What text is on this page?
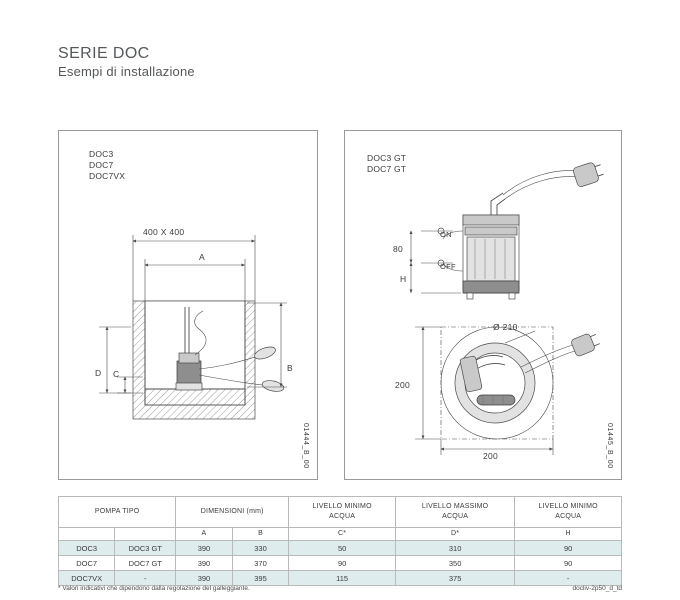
SERIE DOC
Esempi di installazione
DOC3
DOC7
DOC7VX
400 X 400
A
B
C
D
01444_B_00
DOC3 GT
DOC7 GT
ON
OFF
80
H
Ø 210
200
200	01445_B_00
POMPA TIPO	DIMENSIONI (mm)	
LIVELLO MINIMO
ACQUA

LIVELLO MASSIMO
ACQUA

LIVELLO MINIMO
ACQUA

		A	B	C*	D*	H
DOC3	DOC3 GT	390	330	50	310	90
DOC7	DOC7 GT	390	370	90	350	90
DOC7VX	-	390	395	115	375	-
* Valori indicativi che dipendono dalla regolazione del galleggiante.	docliv-2p50_d_td
